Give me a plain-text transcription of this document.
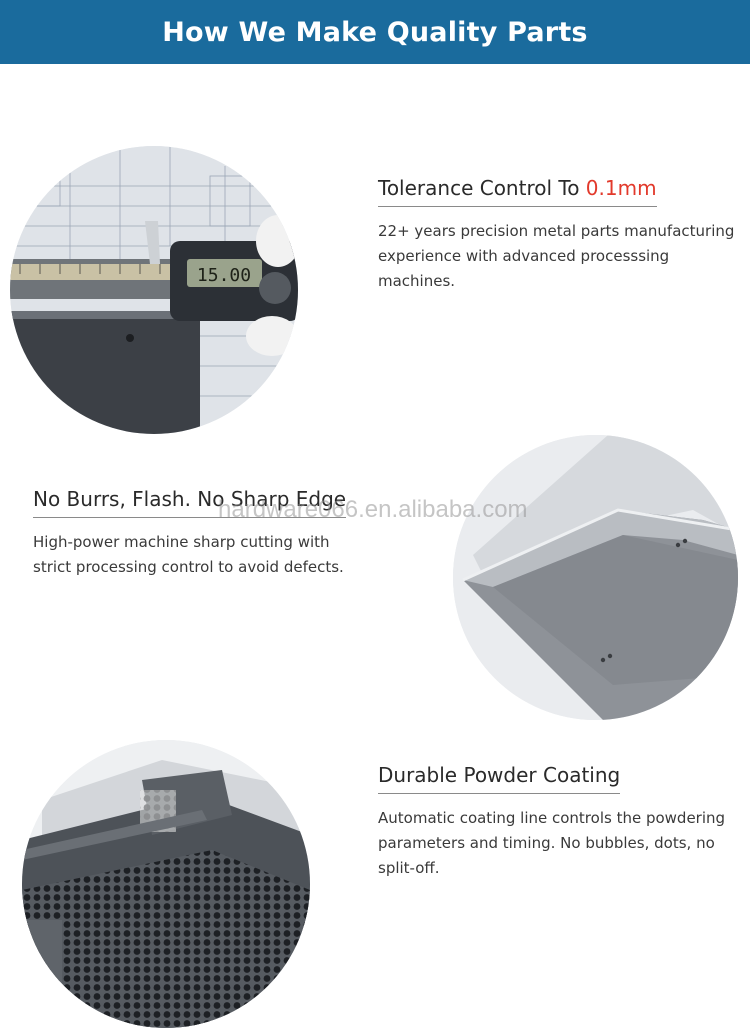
How We Make Quality Parts
15.00
Tolerance Control To 0.1mm

22+ years precision metal parts manufacturing experience with advanced processsing machines.

No Burrs, Flash. No Sharp Edge

High-power machine sharp cutting with strict processing control to avoid defects.

hardware066.en.alibaba.com
Durable Powder Coating

Automatic coating line controls the powdering parameters and timing. No bubbles, dots, no split-off.
